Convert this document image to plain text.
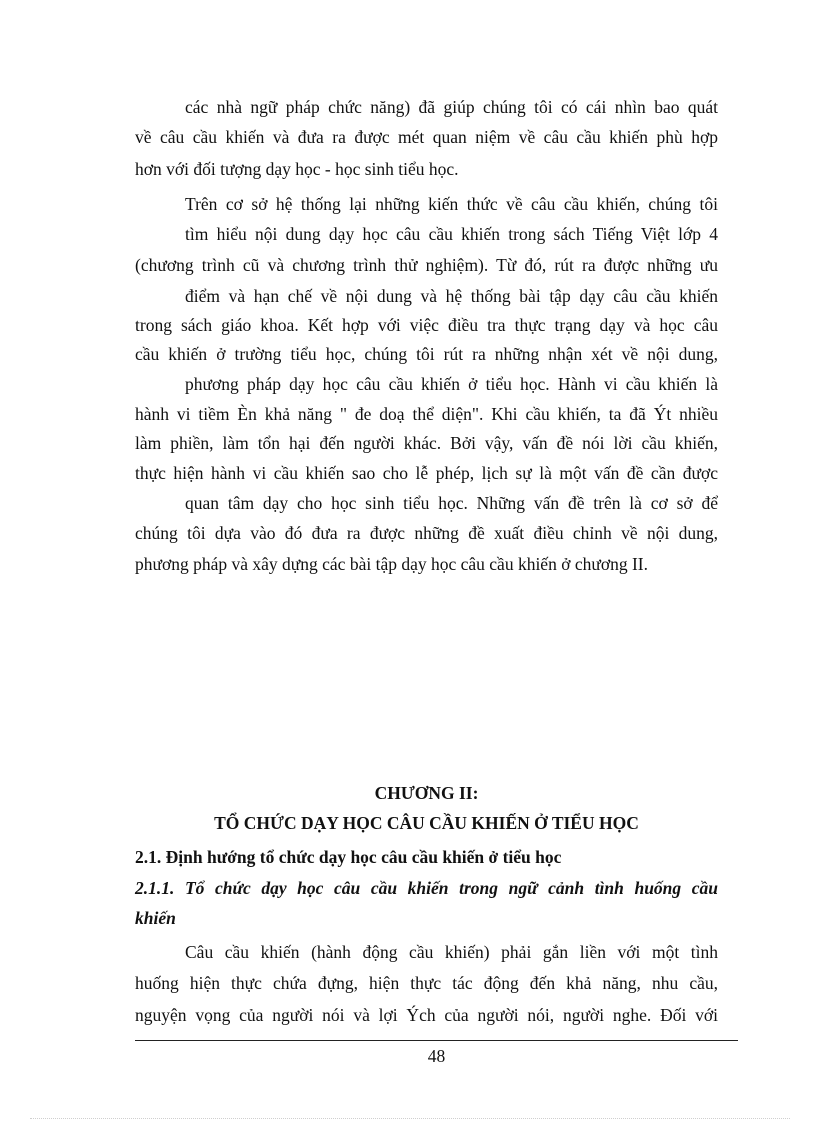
các nhà ngữ pháp chức năng) đã giúp chúng tôi có cái nhìn bao quát
về câu cầu khiến và đưa ra được mét quan niệm về câu cầu khiến phù hợp
hơn với đối tượng dạy học - học sinh tiểu học.
Trên cơ sở hệ thống lại những kiến thức về câu cầu khiến, chúng tôi
tìm hiểu nội dung dạy học câu cầu khiến trong sách Tiếng Việt lớp 4
(chương trình cũ và chương trình thử nghiệm). Từ đó, rút ra được những ưu
điểm và hạn chế về nội dung và hệ thống bài tập dạy câu cầu khiến
trong sách giáo khoa. Kết hợp với việc điều tra thực trạng dạy và học câu
cầu khiến ở trường tiểu học, chúng tôi rút ra những nhận xét về nội dung,
phương pháp dạy học câu cầu khiến ở tiểu học. Hành vi cầu khiến là
hành vi tiềm Èn khả năng " đe doạ thể diện". Khi cầu khiến, ta đã Ýt nhiều
làm phiền, làm tổn hại đến người khác. Bởi vậy, vấn đề nói lời cầu khiến,
thực hiện hành vi cầu khiến sao cho lễ phép, lịch sự là một vấn đề cần được
quan tâm dạy cho học sinh tiểu học. Những vấn đề trên là cơ sở để
chúng tôi dựa vào đó đưa ra được những đề xuất điều chỉnh về nội dung,
phương pháp và xây dựng các bài tập dạy học câu cầu khiến ở chương II.
CHƯƠNG II:
TỔ CHỨC DẠY HỌC CÂU CẦU KHIẾN Ở TIỂU HỌC
2.1. Định hướng tổ chức dạy học câu cầu khiến ở tiểu học
2.1.1. Tổ chức dạy học câu cầu khiến trong ngữ cảnh tình huống cầu
khiến
Câu cầu khiến (hành động cầu khiến) phải gắn liền với một tình
huống hiện thực chứa đựng, hiện thực tác động đến khả năng, nhu cầu,
nguyện vọng của người nói và lợi Ých của người nói, người nghe. Đối với
48
